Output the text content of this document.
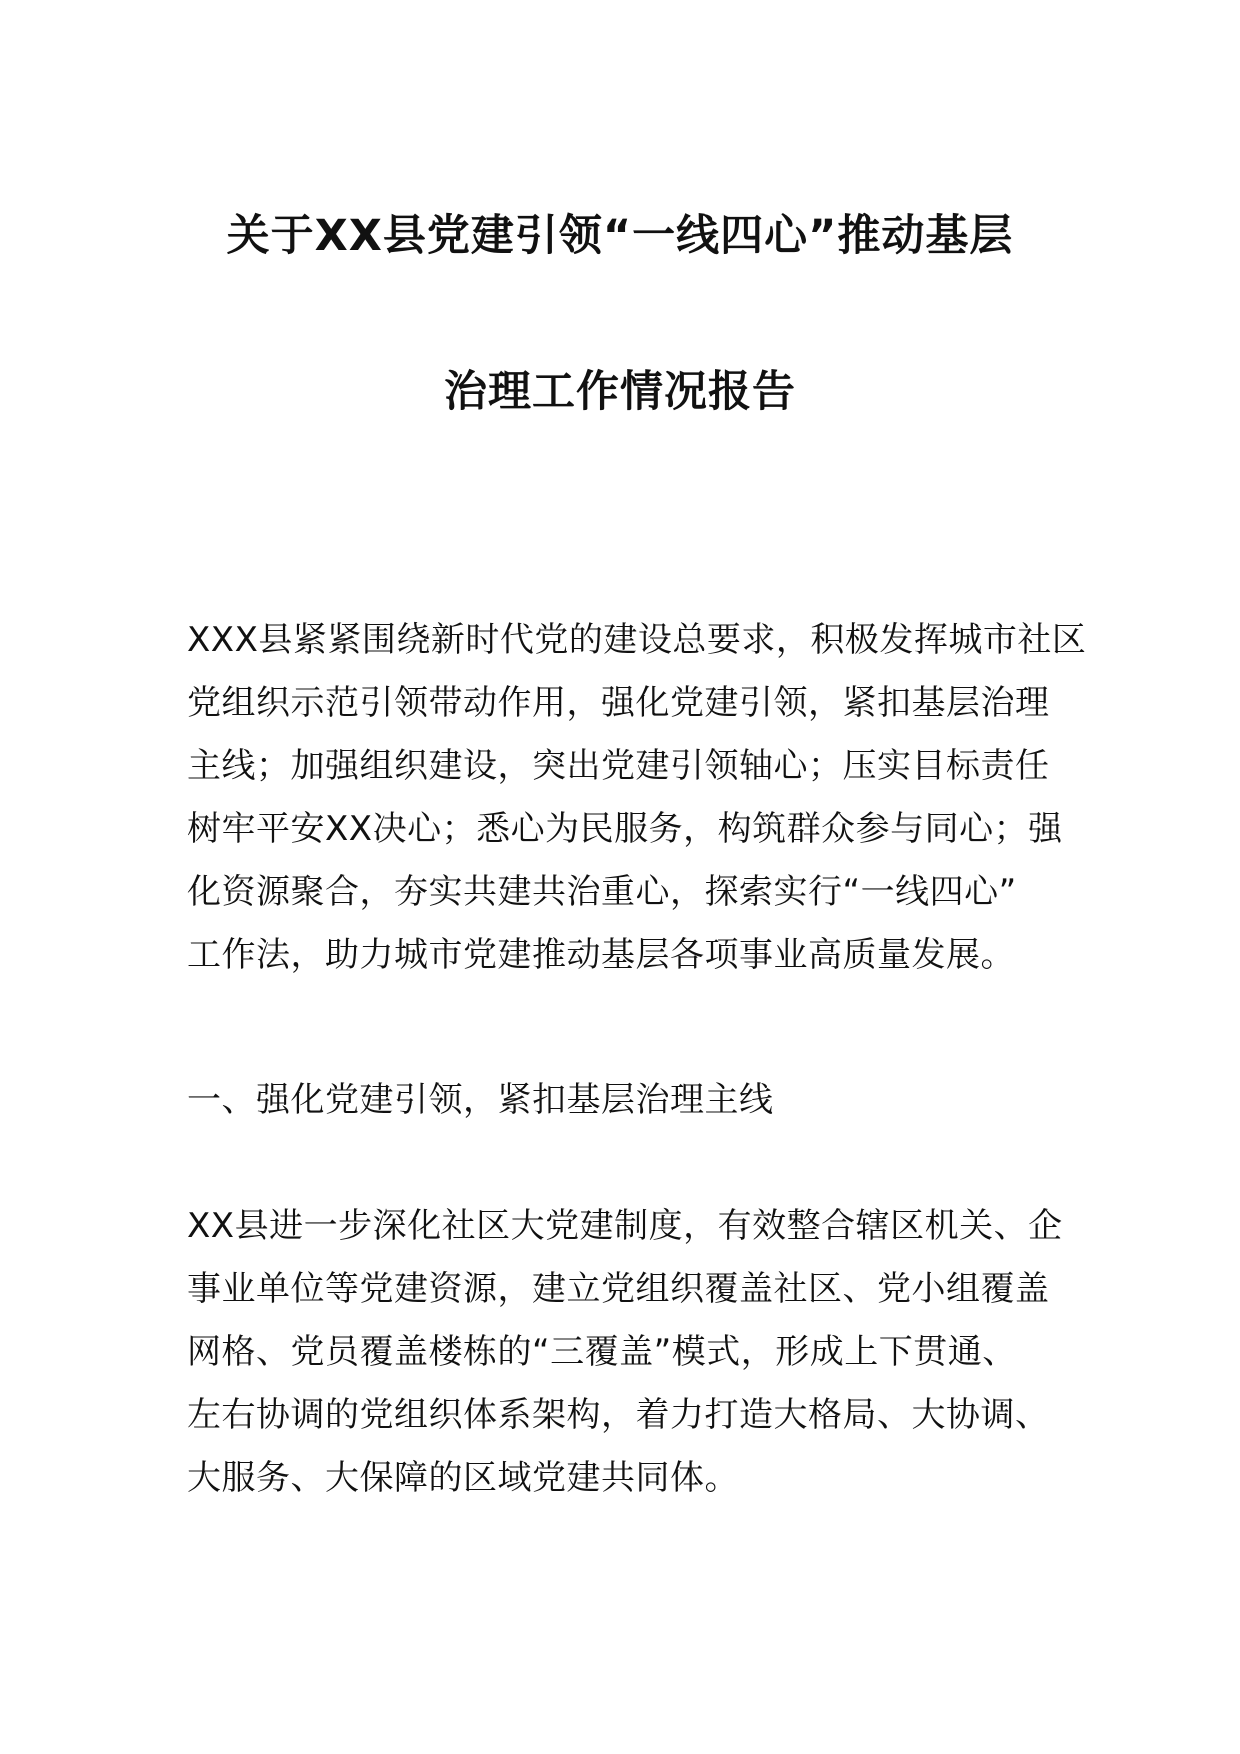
关于XX县党建引领“一线四心”推动基层
治理工作情况报告
XXX县紧紧围绕新时代党的建设总要求，积极发挥城市社区
党组织示范引领带动作用，强化党建引领，紧扣基层治理
主线；加强组织建设，突出党建引领轴心；压实目标责任
树牢平安XX决心；悉心为民服务，构筑群众参与同心；强
化资源聚合，夯实共建共治重心，探索实行“一线四心”
工作法，助力城市党建推动基层各项事业高质量发展。
一、强化党建引领，紧扣基层治理主线
XX县进一步深化社区大党建制度，有效整合辖区机关、企
事业单位等党建资源，建立党组织覆盖社区、党小组覆盖
网格、党员覆盖楼栋的“三覆盖”模式，形成上下贯通、
左右协调的党组织体系架构，着力打造大格局、大协调、
大服务、大保障的区域党建共同体。
